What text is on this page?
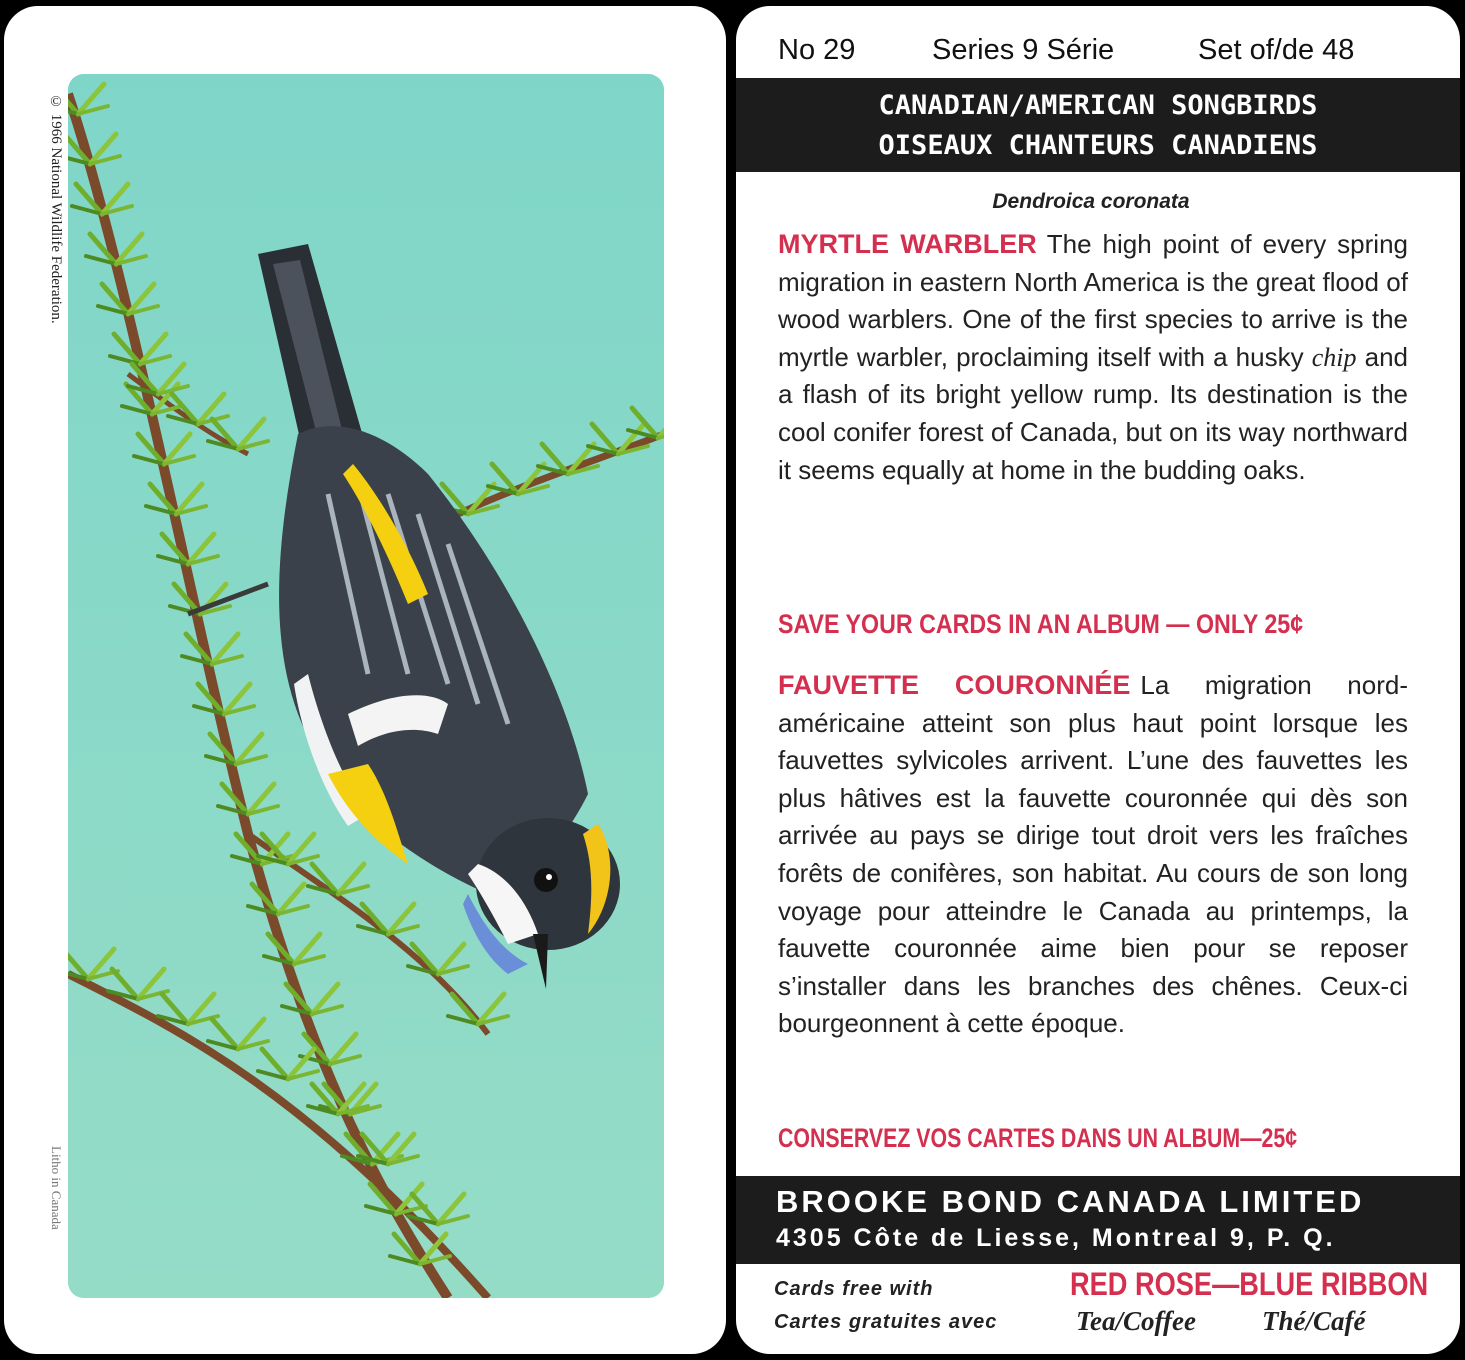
© 1966 National Wildlife Federation.
Litho in Canada
No 29	Series 9 Série	Set of/de 48
CANADIAN/AMERICAN SONGBIRDS
OISEAUX CHANTEURS CANADIENS
Dendroica coronata
MYRTLE WARBLER The high point of every spring migration in eastern North America is the great flood of wood warblers. One of the first species to arrive is the myrtle warbler, proclaiming itself with a husky chip and a flash of its bright yellow rump. Its destination is the cool conifer forest of Canada, but on its way northward it seems equally at home in the budding oaks.
SAVE YOUR CARDS IN AN ALBUM — ONLY 25¢
FAUVETTE COURONNÉE La migration nord-américaine atteint son plus haut point lorsque les fauvettes sylvicoles arrivent. L’une des fauvettes les plus hâtives est la fauvette couronnée qui dès son arrivée au pays se dirige tout droit vers les fraîches forêts de conifères, son habitat. Au cours de son long voyage pour atteindre le Canada au printemps, la fauvette couronnée aime bien pour se reposer s’installer dans les branches des chênes. Ceux-ci bourgeonnent à cette époque.
CONSERVEZ VOS CARTES DANS UN ALBUM—25¢
BROOKE BOND CANADA LIMITED
4305 Côte de Liesse, Montreal 9, P. Q.
Cards free with
Cartes gratuites avec
RED ROSE—BLUE RIBBON
Tea/Coffee Thé/Café
